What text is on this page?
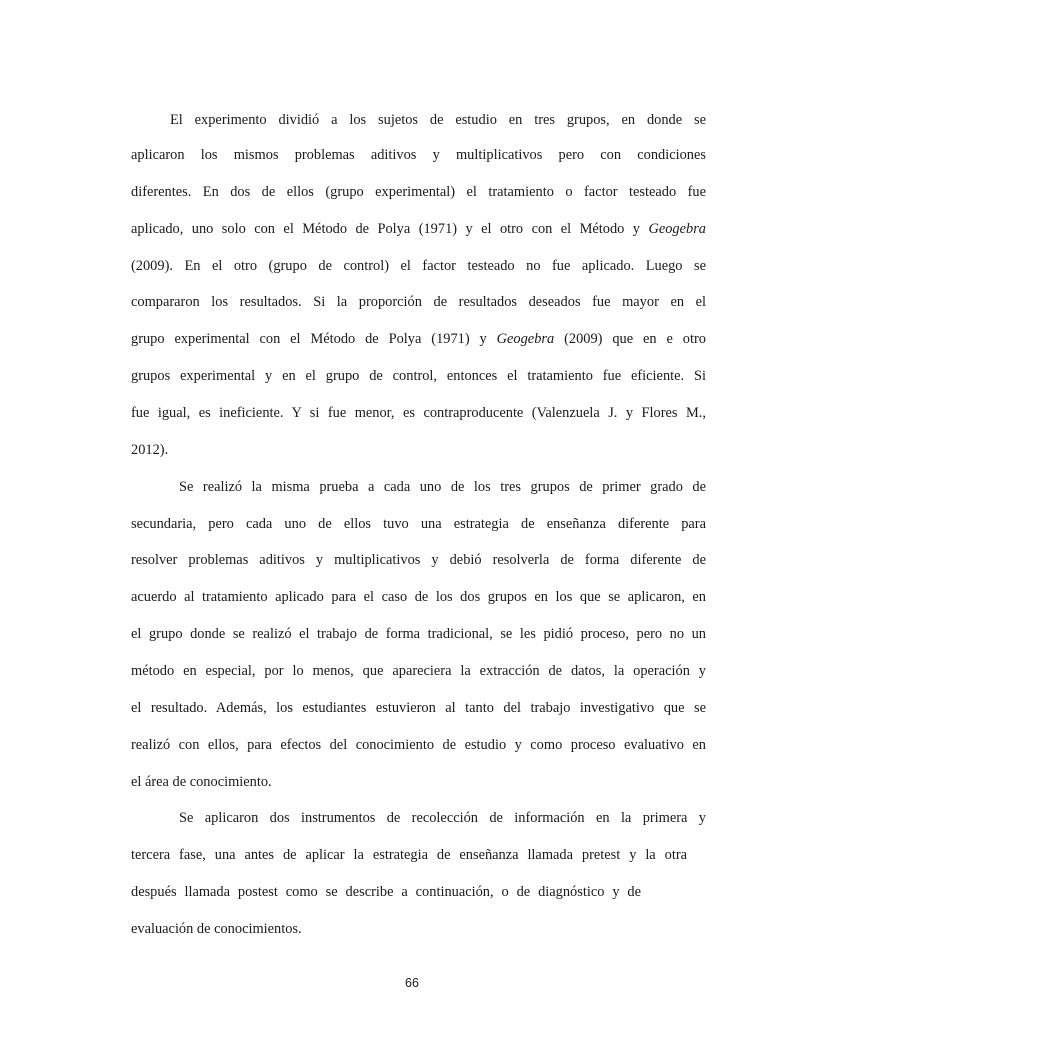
El experimento dividió a los sujetos de estudio en tres grupos, en donde se
aplicaron los mismos problemas aditivos y multiplicativos pero con condiciones
diferentes. En dos de ellos (grupo experimental) el tratamiento o factor testeado fue
aplicado, uno solo con el Método de Polya (1971) y el otro con el Método y Geogebra
(2009). En el otro (grupo de control) el factor testeado no fue aplicado. Luego se
compararon los resultados. Si la proporción de resultados deseados fue mayor en el
grupo experimental con el Método de Polya (1971) y Geogebra (2009) que en e otro
grupos experimental y en el grupo de control, entonces el tratamiento fue eficiente. Si
fue igual, es ineficiente. Y si fue menor, es contraproducente (Valenzuela J. y Flores M.,
2012).
Se realizó la misma prueba a cada uno de los tres grupos de primer grado de
secundaria, pero cada uno de ellos tuvo una estrategia de enseñanza diferente para
resolver problemas aditivos y multiplicativos y debió resolverla de forma diferente de
acuerdo al tratamiento aplicado para el caso de los dos grupos en los que se aplicaron, en
el grupo donde se realizó el trabajo de forma tradicional, se les pidió proceso, pero no un
método en especial, por lo menos, que apareciera la extracción de datos, la operación y
el resultado. Además, los estudiantes estuvieron al tanto del trabajo investigativo que se
realizó con ellos, para efectos del conocimiento de estudio y como proceso evaluativo en
el área de conocimiento.
Se aplicaron dos instrumentos de recolección de información en la primera y
tercera fase, una antes de aplicar la estrategia de enseñanza llamada pretest y la otra
después llamada postest como se describe a continuación, o de diagnóstico y de
evaluación de conocimientos.
66
